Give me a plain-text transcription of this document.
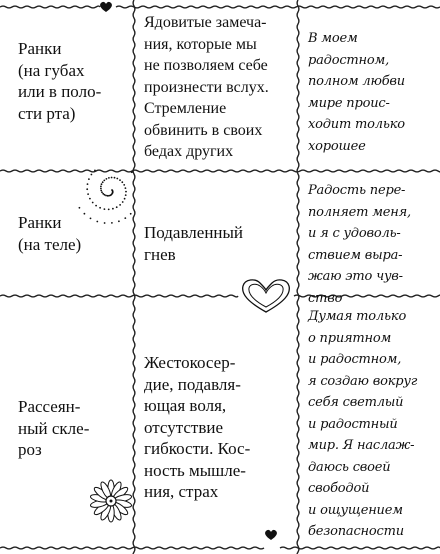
Ранки
(на губах
или в поло-
сти рта)
Ядовитые замеча-
ния, которые мы
не позволяем себе
произнести вслух.
Стремление
обвинить в своих
бедах других
В моем
радостном,
полном любви
мире проис-
ходит только
хорошее
Ранки
(на теле)
Подавленный
гнев
Радость пере-
полняет меня,
и я с удоволь-
ствием выра-
жаю это чув-
ство
Рассеян-
ный скле-
роз
Жестокосер-
дие, подавля-
ющая воля,
отсутствие
гибкости. Кос-
ность мышле-
ния, страх
Думая только
о приятном
и радостном,
я создаю вокруг
себя светлый
и радостный
мир. Я наслаж-
даюсь своей
свободой
и ощущением
безопасности
